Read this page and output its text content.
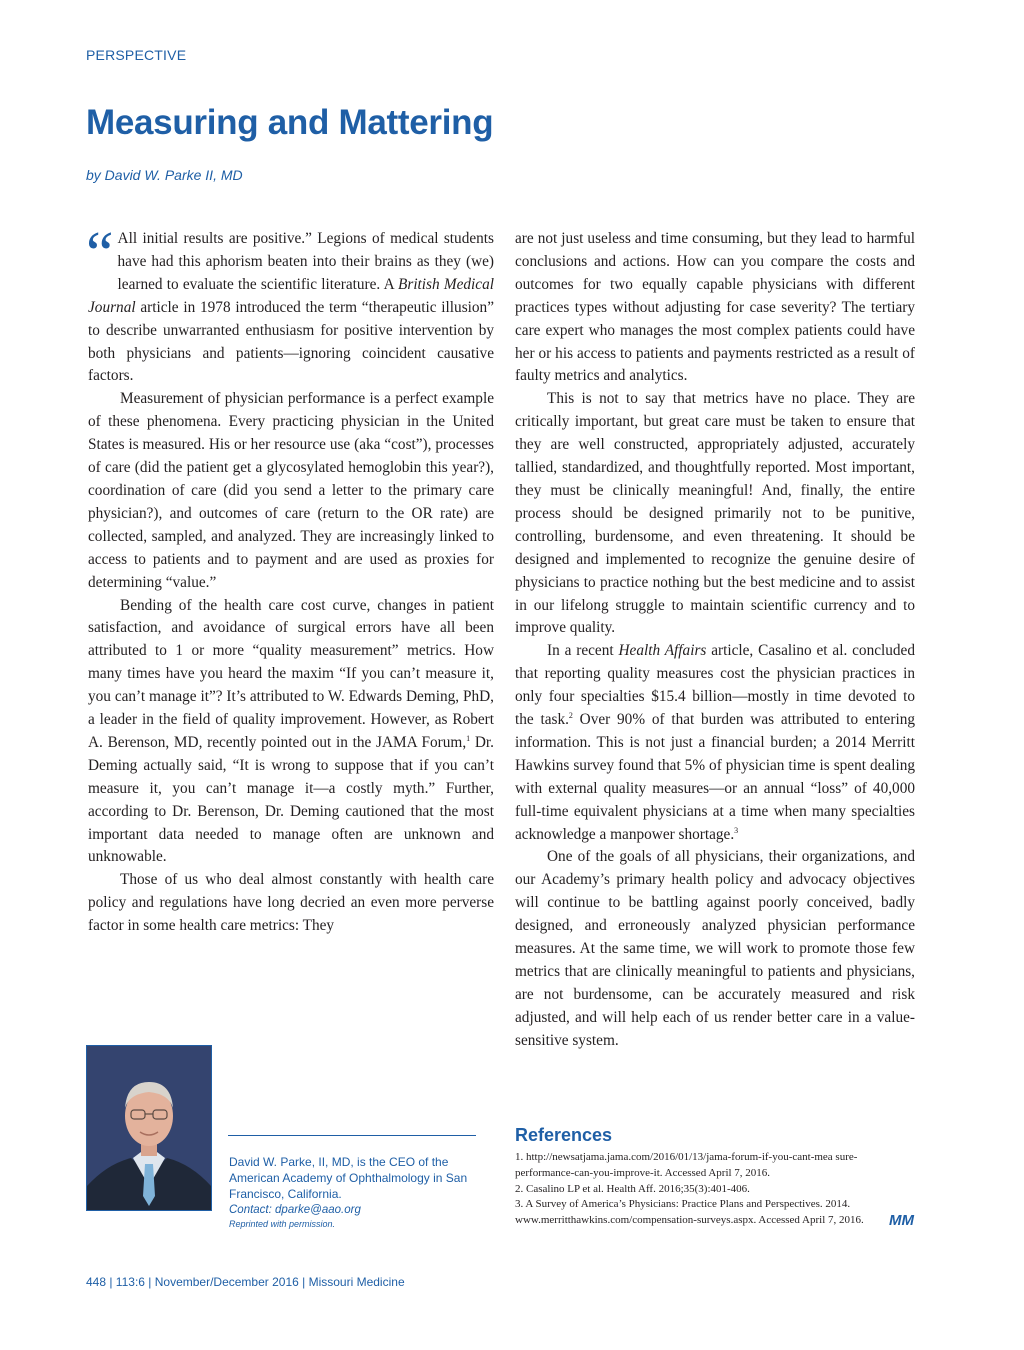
PERSPECTIVE
Measuring and Mattering
by David W. Parke II, MD

“ All initial results are positive.” Legions of medical students have had this aphorism beaten into their brains as they (we) learned to evaluate the scientific literature. A British Medical Journal article in 1978 introduced the term “therapeutic illusion” to describe unwarranted enthusiasm for positive intervention by both physicians and patients—ignoring coincident causative factors.

Measurement of physician performance is a perfect example of these phenomena. Every practicing physician in the United States is measured. His or her resource use (aka “cost”), processes of care (did the patient get a glycosylated hemoglobin this year?), coordination of care (did you send a letter to the primary care physician?), and outcomes of care (return to the OR rate) are collected, sampled, and analyzed. They are increasingly linked to access to patients and to payment and are used as proxies for determining “value.”

Bending of the health care cost curve, changes in patient satisfaction, and avoidance of surgical errors have all been attributed to 1 or more “quality measurement” metrics. How many times have you heard the maxim “If you can’t measure it, you can’t manage it”? It’s attributed to W. Edwards Deming, PhD, a leader in the field of quality improvement. However, as Robert A. Berenson, MD, recently pointed out in the JAMA Forum,$^1$ Dr. Deming actually said, “It is wrong to suppose that if you can’t measure it, you can’t manage it—a costly myth.” Further, according to Dr. Berenson, Dr. Deming cautioned that the most important data needed to manage often are unknown and unknowable.

Those of us who deal almost constantly with health care policy and regulations have long decried an even more perverse factor in some health care metrics: They

are not just useless and time consuming, but they lead to harmful conclusions and actions. How can you compare the costs and outcomes for two equally capable physicians with different practices types without adjusting for case severity? The tertiary care expert who manages the most complex patients could have her or his access to patients and payments restricted as a result of faulty metrics and analytics.

This is not to say that metrics have no place. They are critically important, but great care must be taken to ensure that they are well constructed, appropriately adjusted, accurately tallied, standardized, and thoughtfully reported. Most important, they must be clinically meaningful! And, finally, the entire process should be designed primarily not to be punitive, controlling, burdensome, and even threatening. It should be designed and implemented to recognize the genuine desire of physicians to practice nothing but the best medicine and to assist in our lifelong struggle to maintain scientific currency and to improve quality.

In a recent Health Affairs article, Casalino et al. concluded that reporting quality measures cost the physician practices in only four specialties $15.4 billion—mostly in time devoted to the task.$^2$ Over 90% of that burden was attributed to entering information. This is not just a financial burden; a 2014 Merritt Hawkins survey found that 5% of physician time is spent dealing with external quality measures—or an annual “loss” of 40,000 full-time equivalent physicians at a time when many specialties acknowledge a manpower shortage.$^3$

One of the goals of all physicians, their organizations, and our Academy’s primary health policy and advocacy objectives will continue to be battling against poorly conceived, badly designed, and erroneously analyzed physician performance measures. At the same time, we will work to promote those few metrics that are clinically meaningful to patients and physicians, are not burdensome, can be accurately measured and risk adjusted, and will help each of us render better care in a value-sensitive system.

David W. Parke, II, MD, is the CEO of the American Academy of Ophthalmology in San Francisco, California.
Contact: dparke@aao.org
Reprinted with permission.
References

1. http://newsatjama.jama.com/2016/01/13/jama-forum-if-you-cant-mea sure-performance-can-you-improve-it. Accessed April 7, 2016.

2. Casalino LP et al. Health Aff. 2016;35(3):401-406.

3. A Survey of America’s Physicians: Practice Plans and Perspectives. 2014. www.merritthawkins.com/compensation-surveys.aspx. Accessed April 7, 2016.	MM
448 | 113:6 | November/December 2016 | Missouri Medicine
